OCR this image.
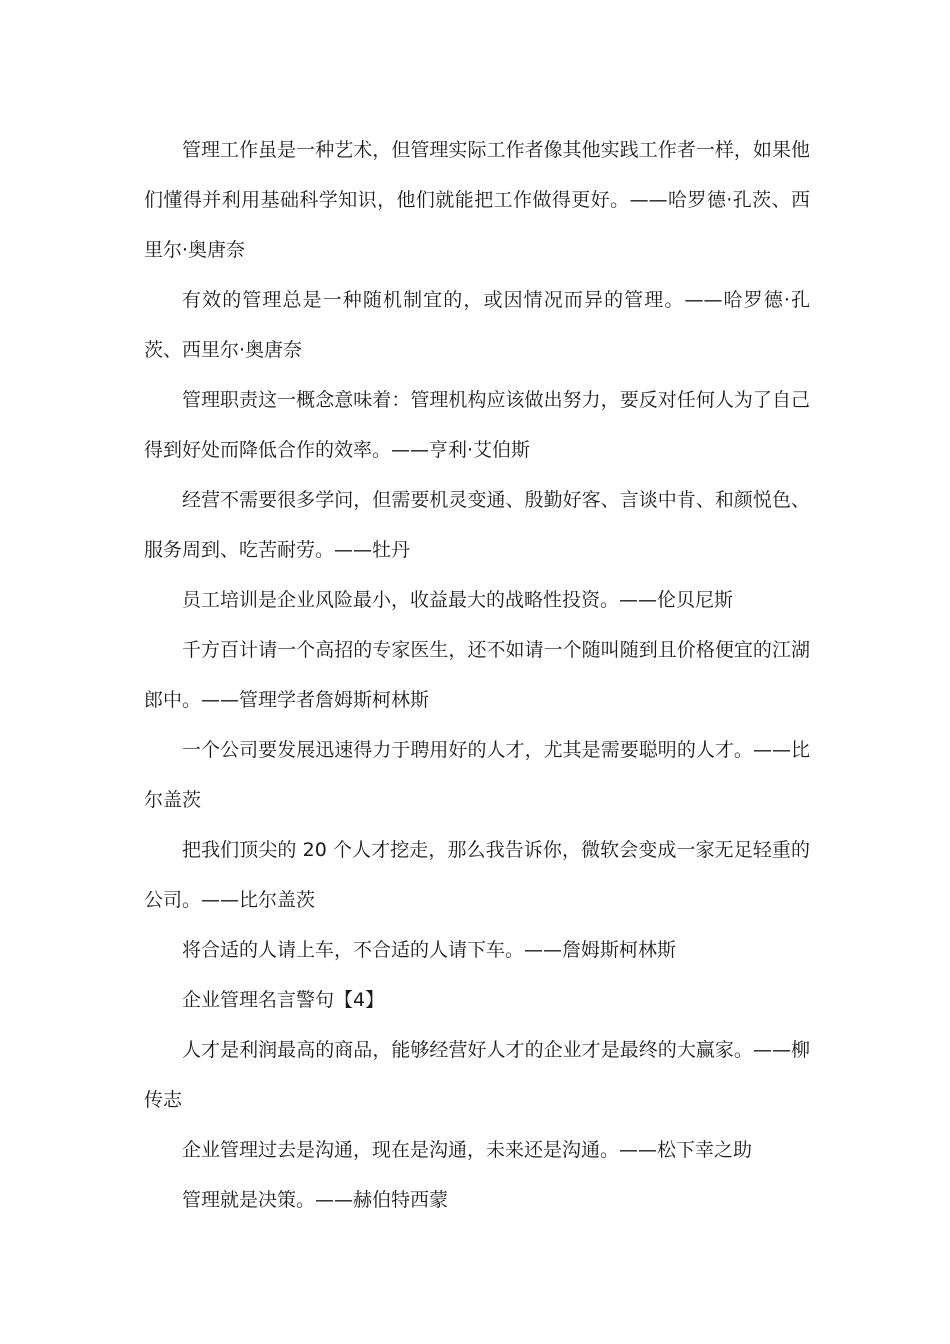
管理工作虽是一种艺术，但管理实际工作者像其他实践工作者一样，如果他们懂得并利用基础科学知识，他们就能把工作做得更好。——哈罗德·孔茨、西里尔·奥唐奈

有效的管理总是一种随机制宜的，或因情况而异的管理。——哈罗德·孔茨、西里尔·奥唐奈

管理职责这一概念意味着：管理机构应该做出努力，要反对任何人为了自己得到好处而降低合作的效率。——亨利·艾伯斯

经营不需要很多学问，但需要机灵变通、殷勤好客、言谈中肯、和颜悦色、服务周到、吃苦耐劳。——牡丹

员工培训是企业风险最小，收益最大的战略性投资。——伦贝尼斯

千方百计请一个高招的专家医生，还不如请一个随叫随到且价格便宜的江湖郎中。——管理学者詹姆斯柯林斯

一个公司要发展迅速得力于聘用好的人才，尤其是需要聪明的人才。——比尔盖茨

把我们顶尖的 20 个人才挖走，那么我告诉你，微软会变成一家无足轻重的公司。——比尔盖茨

将合适的人请上车，不合适的人请下车。——詹姆斯柯林斯

企业管理名言警句【4】

人才是利润最高的商品，能够经营好人才的企业才是最终的大赢家。——柳传志

企业管理过去是沟通，现在是沟通，未来还是沟通。——松下幸之助

管理就是决策。——赫伯特西蒙
